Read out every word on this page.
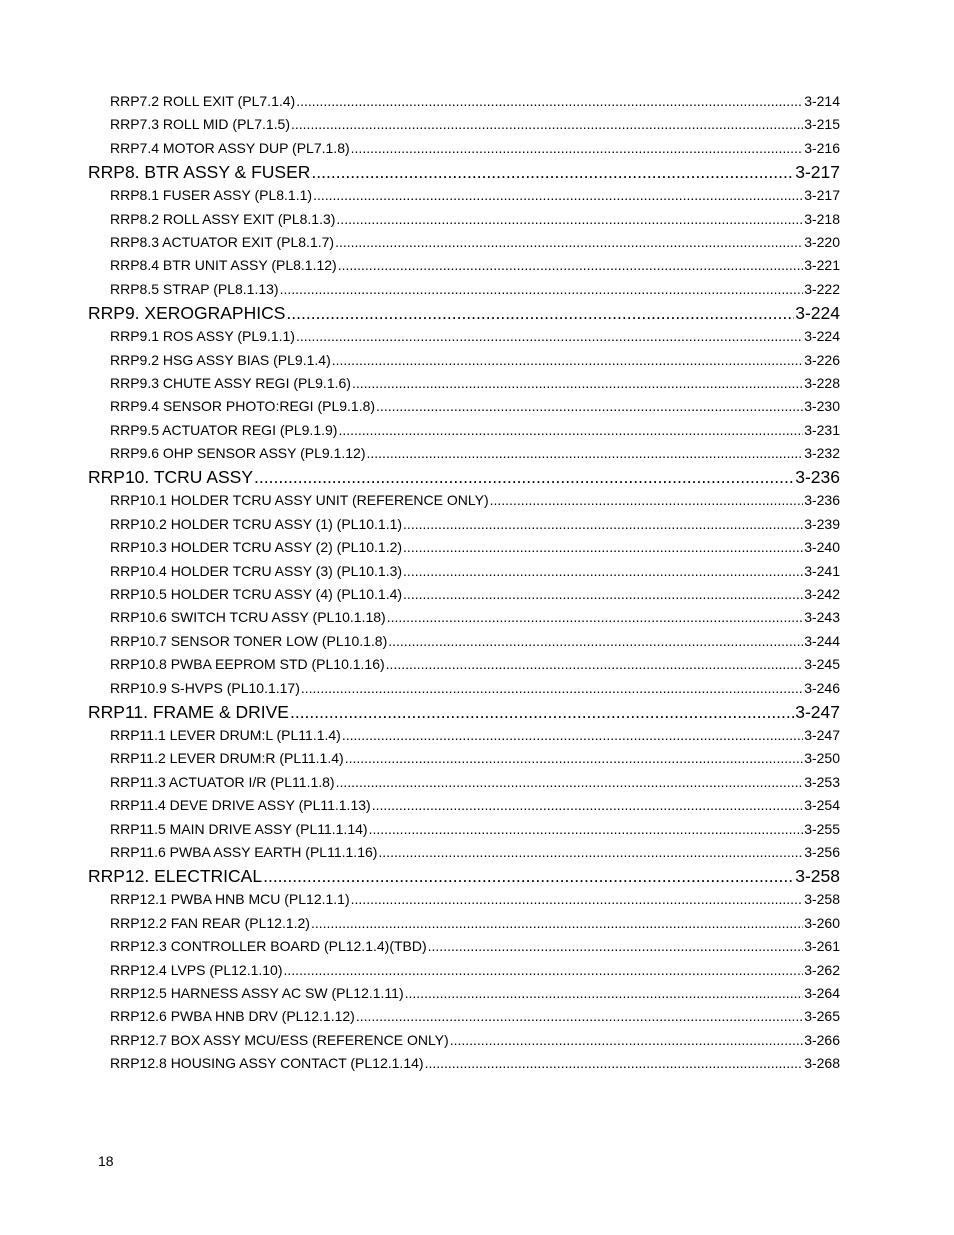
RRP7.2 ROLL EXIT (PL7.1.4) .....	3-214
RRP7.3 ROLL MID (PL7.1.5) .....	3-215
RRP7.4 MOTOR ASSY DUP (PL7.1.8) .....	3-216
RRP8. BTR ASSY & FUSER .....	3-217
RRP8.1 FUSER ASSY (PL8.1.1) .....	3-217
RRP8.2 ROLL ASSY EXIT (PL8.1.3) .....	3-218
RRP8.3 ACTUATOR EXIT (PL8.1.7) .....	3-220
RRP8.4 BTR UNIT ASSY (PL8.1.12) .....	3-221
RRP8.5 STRAP (PL8.1.13) .....	3-222
RRP9. XEROGRAPHICS .....	3-224
RRP9.1 ROS ASSY (PL9.1.1) .....	3-224
RRP9.2 HSG ASSY BIAS (PL9.1.4) .....	3-226
RRP9.3 CHUTE ASSY REGI (PL9.1.6) .....	3-228
RRP9.4 SENSOR PHOTO:REGI (PL9.1.8) .....	3-230
RRP9.5 ACTUATOR REGI (PL9.1.9) .....	3-231
RRP9.6 OHP SENSOR ASSY (PL9.1.12) .....	3-232
RRP10. TCRU ASSY .....	3-236
RRP10.1 HOLDER TCRU ASSY UNIT (REFERENCE ONLY) .....	3-236
RRP10.2 HOLDER TCRU ASSY (1) (PL10.1.1) .....	3-239
RRP10.3 HOLDER TCRU ASSY (2) (PL10.1.2) .....	3-240
RRP10.4 HOLDER TCRU ASSY (3) (PL10.1.3) .....	3-241
RRP10.5 HOLDER TCRU ASSY (4) (PL10.1.4) .....	3-242
RRP10.6 SWITCH TCRU ASSY (PL10.1.18) .....	3-243
RRP10.7 SENSOR TONER LOW (PL10.1.8) .....	3-244
RRP10.8 PWBA EEPROM STD (PL10.1.16) .....	3-245
RRP10.9 S-HVPS (PL10.1.17) .....	3-246
RRP11. FRAME & DRIVE .....	3-247
RRP11.1 LEVER DRUM:L (PL11.1.4) .....	3-247
RRP11.2 LEVER DRUM:R (PL11.1.4) .....	3-250
RRP11.3 ACTUATOR I/R (PL11.1.8) .....	3-253
RRP11.4 DEVE DRIVE ASSY (PL11.1.13) .....	3-254
RRP11.5 MAIN DRIVE ASSY (PL11.1.14) .....	3-255
RRP11.6 PWBA ASSY EARTH (PL11.1.16) .....	3-256
RRP12. ELECTRICAL .....	3-258
RRP12.1 PWBA HNB MCU (PL12.1.1) .....	3-258
RRP12.2 FAN REAR (PL12.1.2) .....	3-260
RRP12.3 CONTROLLER BOARD (PL12.1.4)(TBD) .....	3-261
RRP12.4 LVPS (PL12.1.10) .....	3-262
RRP12.5 HARNESS ASSY AC SW (PL12.1.11) .....	3-264
RRP12.6 PWBA HNB DRV (PL12.1.12) .....	3-265
RRP12.7 BOX ASSY MCU/ESS (REFERENCE ONLY) .....	3-266
RRP12.8 HOUSING ASSY CONTACT (PL12.1.14) .....	3-268
18
